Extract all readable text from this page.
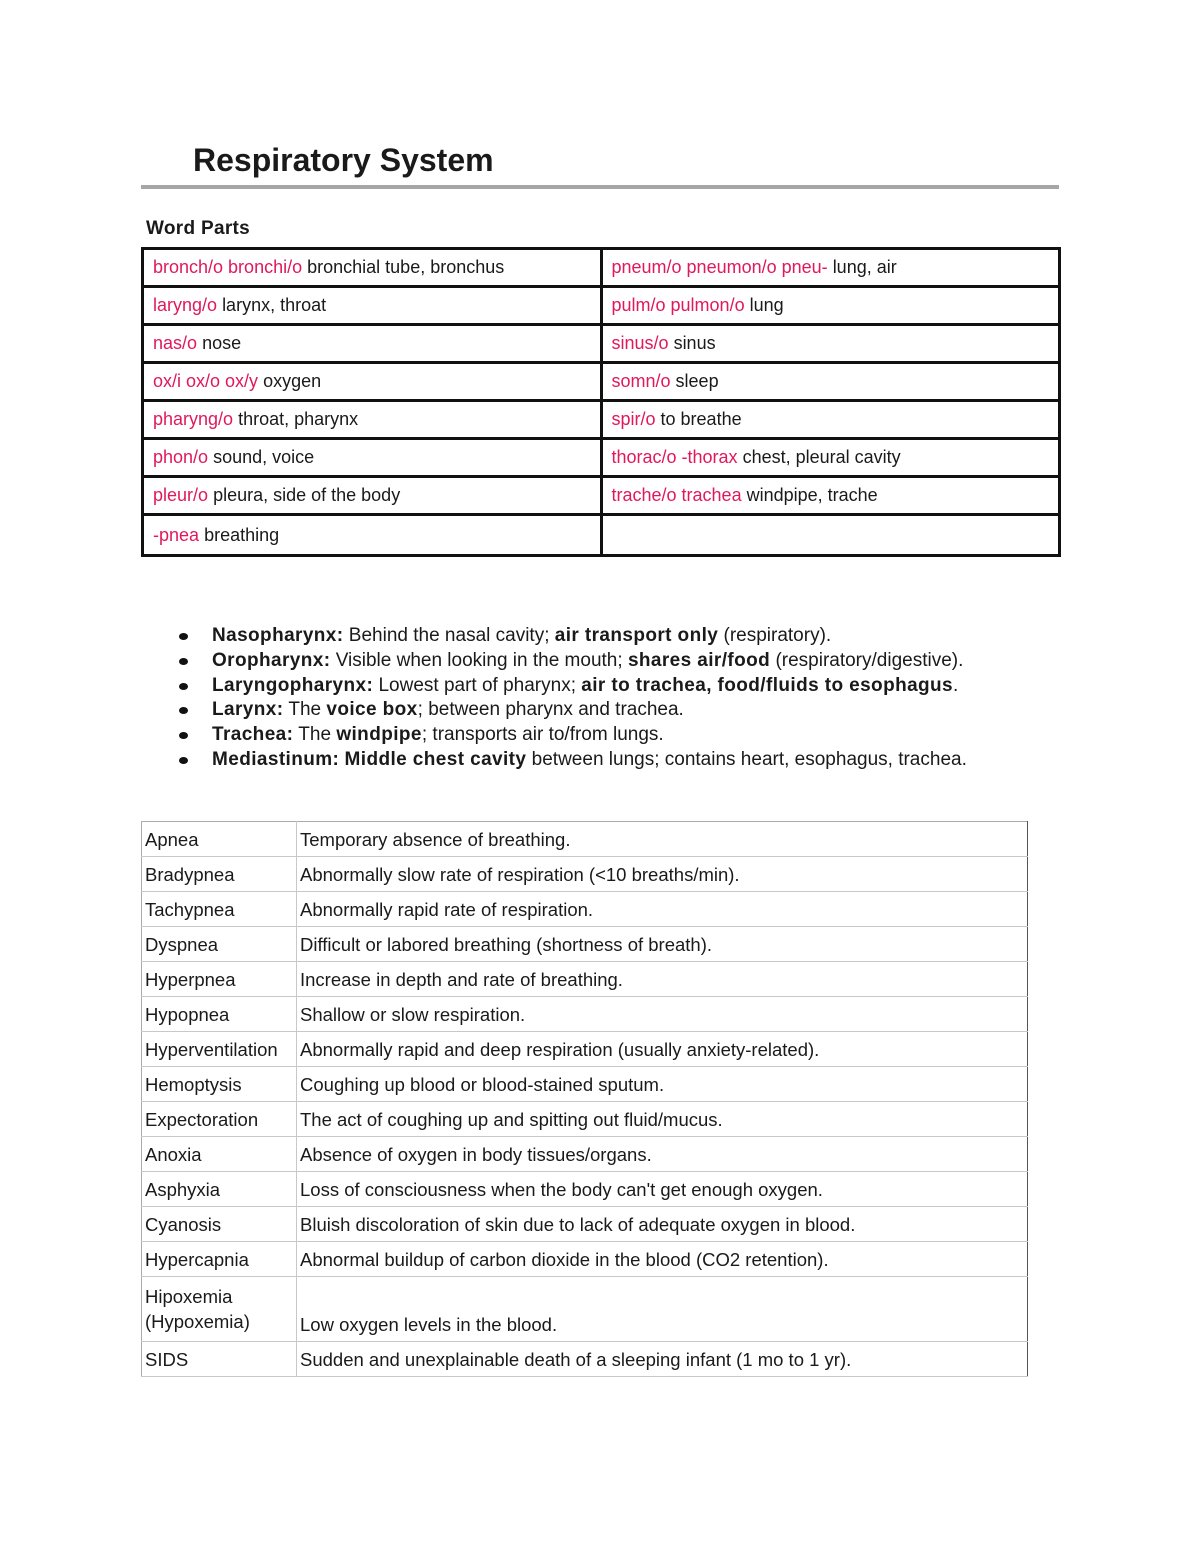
Respiratory System
Word Parts
bronch/o bronchi/o bronchial tube, bronchus	pneum/o pneumon/o pneu- lung, air
laryng/o larynx, throat	pulm/o pulmon/o lung
nas/o nose	sinus/o sinus
ox/i ox/o ox/y oxygen	somn/o sleep
pharyng/o throat, pharynx	spir/o to breathe
phon/o sound, voice	thorac/o -thorax chest, pleural cavity
pleur/o pleura, side of the body	trache/o trachea windpipe, trache
-pnea breathing	
Nasopharynx: Behind the nasal cavity; air transport only (respiratory).
Oropharynx: Visible when looking in the mouth; shares air/food (respiratory/digestive).
Laryngopharynx: Lowest part of pharynx; air to trachea, food/fluids to esophagus.
Larynx: The voice box; between pharynx and trachea.
Trachea: The windpipe; transports air to/from lungs.
Mediastinum: Middle chest cavity between lungs; contains heart, esophagus, trachea.
Apnea	Temporary absence of breathing.
Bradypnea	Abnormally slow rate of respiration (<10 breaths/min).
Tachypnea	Abnormally rapid rate of respiration.
Dyspnea	Difficult or labored breathing (shortness of breath).
Hyperpnea	Increase in depth and rate of breathing.
Hypopnea	Shallow or slow respiration.
Hyperventilation	Abnormally rapid and deep respiration (usually anxiety-related).
Hemoptysis	Coughing up blood or blood-stained sputum.
Expectoration	The act of coughing up and spitting out fluid/mucus.
Anoxia	Absence of oxygen in body tissues/organs.
Asphyxia	Loss of consciousness when the body can't get enough oxygen.
Cyanosis	Bluish discoloration of skin due to lack of adequate oxygen in blood.
Hypercapnia	Abnormal buildup of carbon dioxide in the blood (CO2 retention).
Hipoxemia (Hypoxemia)	Low oxygen levels in the blood.
SIDS	Sudden and unexplainable death of a sleeping infant (1 mo to 1 yr).
